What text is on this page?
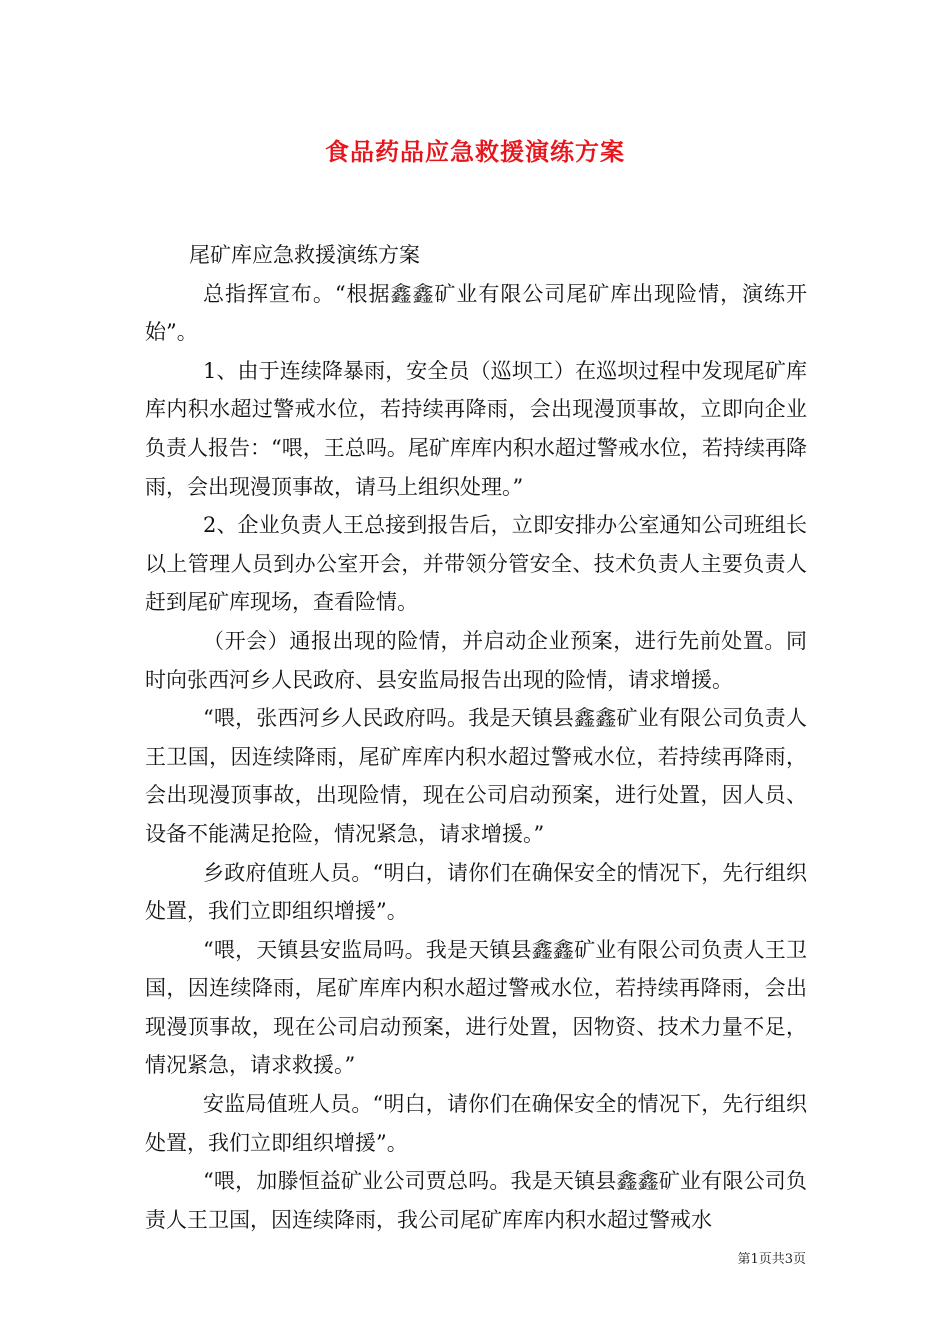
食品药品应急救援演练方案

尾矿库应急救援演练方案

总指挥宣布。“根据鑫鑫矿业有限公司尾矿库出现险情，演练开始”。

1、由于连续降暴雨，安全员（巡坝工）在巡坝过程中发现尾矿库库内积水超过警戒水位，若持续再降雨，会出现漫顶事故，立即向企业负责人报告：“喂，王总吗。尾矿库库内积水超过警戒水位，若持续再降雨，会出现漫顶事故，请马上组织处理。”

2、企业负责人王总接到报告后，立即安排办公室通知公司班组长以上管理人员到办公室开会，并带领分管安全、技术负责人主要负责人赶到尾矿库现场，查看险情。

（开会）通报出现的险情，并启动企业预案，进行先前处置。同时向张西河乡人民政府、县安监局报告出现的险情，请求增援。

“喂，张西河乡人民政府吗。我是天镇县鑫鑫矿业有限公司负责人王卫国，因连续降雨，尾矿库库内积水超过警戒水位，若持续再降雨，会出现漫顶事故，出现险情，现在公司启动预案，进行处置，因人员、设备不能满足抢险，情况紧急，请求增援。”

乡政府值班人员。“明白，请你们在确保安全的情况下，先行组织处置，我们立即组织增援”。

“喂，天镇县安监局吗。我是天镇县鑫鑫矿业有限公司负责人王卫国，因连续降雨，尾矿库库内积水超过警戒水位，若持续再降雨，会出现漫顶事故，现在公司启动预案，进行处置，因物资、技术力量不足，情况紧急，请求救援。”

安监局值班人员。“明白，请你们在确保安全的情况下，先行组织处置，我们立即组织增援”。

“喂，加滕恒益矿业公司贾总吗。我是天镇县鑫鑫矿业有限公司负责人王卫国，因连续降雨，我公司尾矿库库内积水超过警戒水

第1页共3页
